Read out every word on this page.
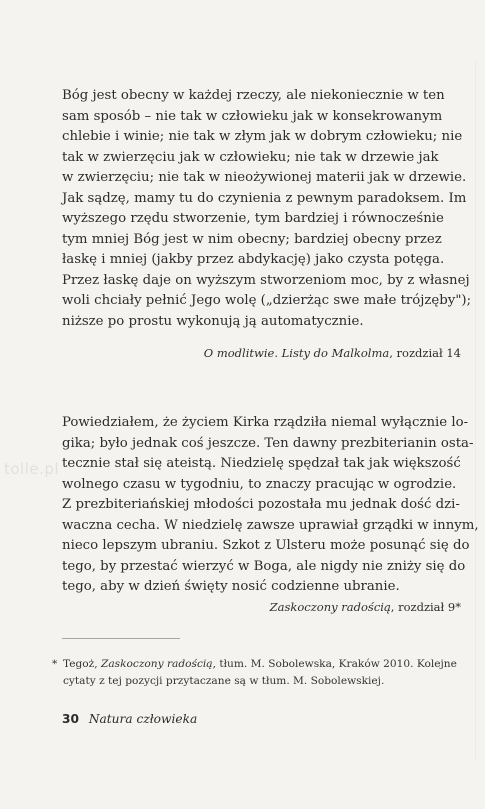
Bóg jest obecny w każdej rzeczy, ale niekoniecznie w ten
sam sposób – nie tak w człowieku jak w konsekrowanym
chlebie i winie; nie tak w złym jak w dobrym człowieku; nie
tak w zwierzęciu jak w człowieku; nie tak w drzewie jak
w zwierzęciu; nie tak w nieożywionej materii jak w drzewie.
Jak sądzę, mamy tu do czynienia z pewnym paradoksem. Im
wyższego rzędu stworzenie, tym bardziej i równocześnie
tym mniej Bóg jest w nim obecny; bardziej obecny przez
łaskę i mniej (jakby przez abdykację) jako czysta potęga.
Przez łaskę daje on wyższym stworzeniom moc, by z własnej
woli chciały pełnić Jego wolę („dzierżąc swe małe trójzęby");
niższe po prostu wykonują ją automatycznie.

O modlitwie. Listy do Malkolma, rozdział 14

Powiedziałem, że życiem Kirka rządziła niemal wyłącznie lo-
gika; było jednak coś jeszcze. Ten dawny prezbiterianin osta-
tecznie stał się ateistą. Niedzielę spędzał tak jak większość
wolnego czasu w tygodniu, to znaczy pracując w ogrodzie.
Z prezbiteriańskiej młodości pozostała mu jednak dość dzi-
waczna cecha. W niedzielę zawsze uprawiał grządki w innym,
nieco lepszym ubraniu. Szkot z Ulsteru może posunąć się do
tego, by przestać wierzyć w Boga, ale nigdy nie zniży się do
tego, aby w dzień święty nosić codzienne ubranie.

tolle.pl
Zaskoczony radością, rozdział 9*
* Tegoż, Zaskoczony radością, tłum. M. Sobolewska, Kraków 2010. Kolejne
cytaty z tej pozycji przytaczane są w tłum. M. Sobolewskiej.
30 Natura człowieka
